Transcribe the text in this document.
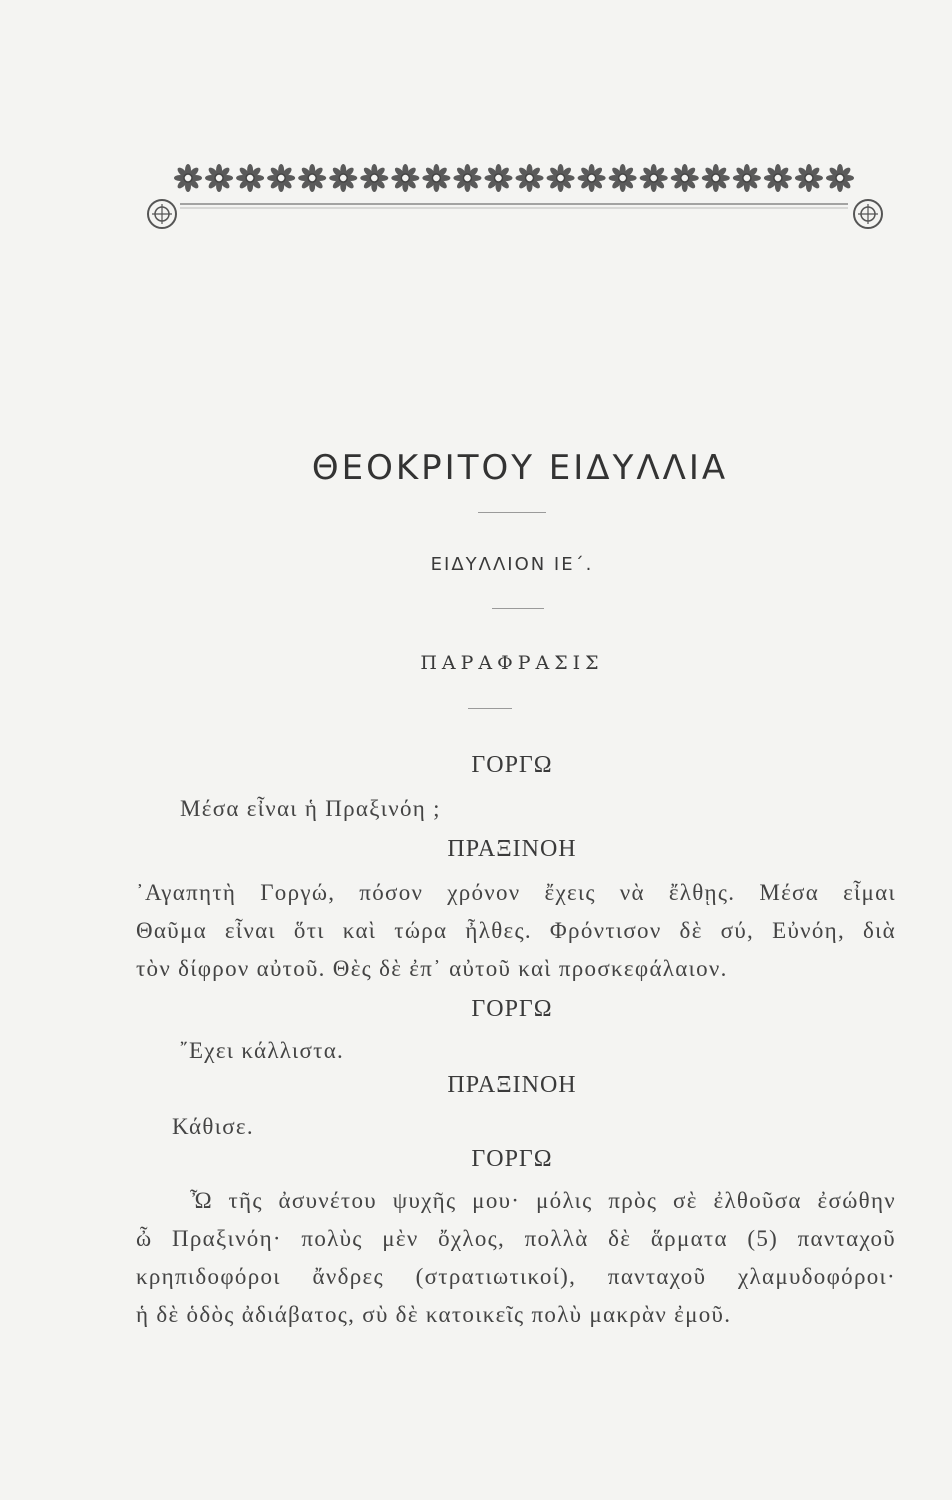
ΘΕΟΚΡΙΤΟΥ ΕΙΔΥΛΛΙΑ
ΕΙΔΥΛΛΙΟΝ ΙΕ΄.
ΠΑΡΑΦΡΑΣΙΣ
ΓΟΡΓΩ
Μέσα εἶναι ἡ Πραξινόη ;
ΠΡΑΞΙΝΟΗ
᾿Αγαπητὴ Γοργώ, πόσον χρόνον ἔχεις νὰ ἔλθῃς. Μέσα εἶμαι
Θαῦμα εἶναι ὅτι καὶ τώρα ἦλθες. Φρόντισον δὲ σύ, Εὐνόη, διὰ
τὸν δίφρον αὐτοῦ. Θὲς δὲ ἐπ᾿ αὐτοῦ καὶ προσκεφάλαιον.
ΓΟΡΓΩ
῎Εχει κάλλιστα.
ΠΡΑΞΙΝΟΗ
Κάθισε.
ΓΟΡΓΩ
Ὦ τῆς ἀσυνέτου ψυχῆς μου· μόλις πρὸς σὲ ἐλθοῦσα ἐσώθην
ὦ Πραξινόη· πολὺς μὲν ὄχλος, πολλὰ δὲ ἅρματα (5) πανταχοῦ
κρηπιδοφόροι ἄνδρες (στρατιωτικοί), πανταχοῦ χλαμυδοφόροι·
ἡ δὲ ὁδὸς ἀδιάβατος, σὺ δὲ κατοικεῖς πολὺ μακρὰν ἐμοῦ.
